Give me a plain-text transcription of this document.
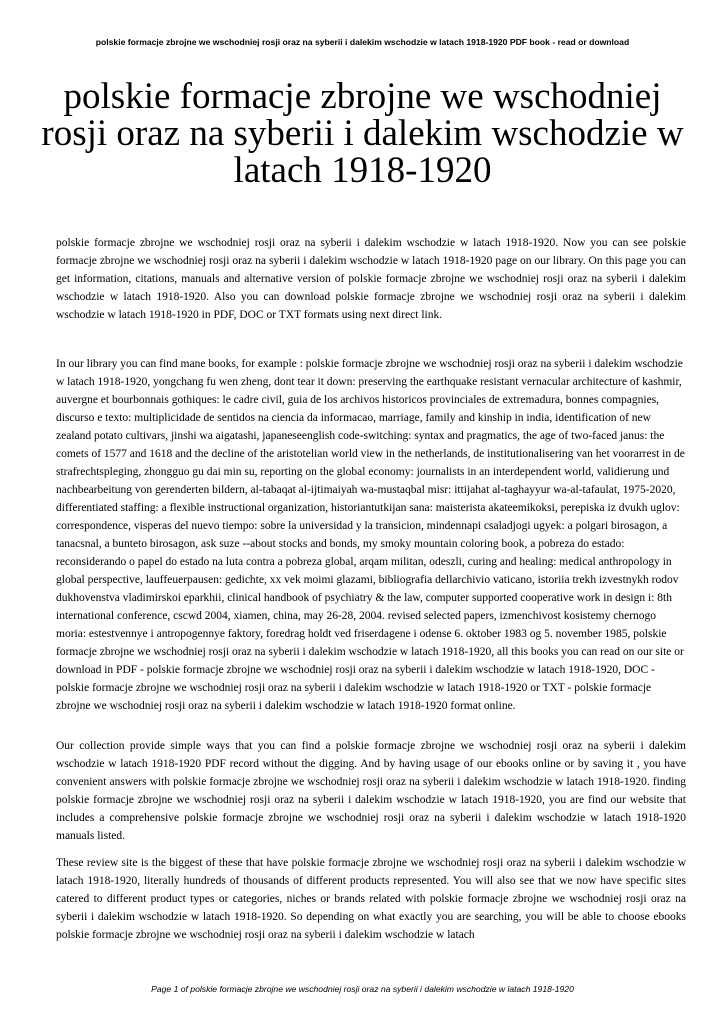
polskie formacje zbrojne we wschodniej rosji oraz na syberii i dalekim wschodzie w latach 1918-1920 PDF book - read or download
polskie formacje zbrojne we wschodniej rosji oraz na syberii i dalekim wschodzie w latach 1918-1920

polskie formacje zbrojne we wschodniej rosji oraz na syberii i dalekim wschodzie w latach 1918-1920. Now you can see polskie formacje zbrojne we wschodniej rosji oraz na syberii i dalekim wschodzie w latach 1918-1920 page on our library. On this page you can get information, citations, manuals and alternative version of polskie formacje zbrojne we wschodniej rosji oraz na syberii i dalekim wschodzie w latach 1918-1920. Also you can download polskie formacje zbrojne we wschodniej rosji oraz na syberii i dalekim wschodzie w latach 1918-1920 in PDF, DOC or TXT formats using next direct link.

In our library you can find mane books, for example : polskie formacje zbrojne we wschodniej rosji oraz na syberii i dalekim wschodzie w latach 1918-1920, yongchang fu wen zheng, dont tear it down: preserving the earthquake resistant vernacular architecture of kashmir, auvergne et bourbonnais gothiques: le cadre civil, guia de los archivos historicos provinciales de extremadura, bonnes compagnies, discurso e texto: multiplicidade de sentidos na ciencia da informacao, marriage, family and kinship in india, identification of new zealand potato cultivars, jinshi wa aigatashi, japaneseenglish code-switching: syntax and pragmatics, the age of two-faced janus: the comets of 1577 and 1618 and the decline of the aristotelian world view in the netherlands, de institutionalisering van het voorarrest in de strafrechtspleging, zhongguo gu dai min su, reporting on the global economy: journalists in an interdependent world, validierung und nachbearbeitung von gerenderten bildern, al-tabaqat al-ijtimaiyah wa-mustaqbal misr: ittijahat al-taghayyur wa-al-tafaulat, 1975-2020, differentiated staffing: a flexible instructional organization, historiantutkijan sana: maisterista akateemikoksi, perepiska iz dvukh uglov: correspondence, visperas del nuevo tiempo: sobre la universidad y la transicion, mindennapi csaladjogi ugyek: a polgari birosagon, a tanacsnal, a bunteto birosagon, ask suze --about stocks and bonds, my smoky mountain coloring book, a pobreza do estado: reconsiderando o papel do estado na luta contra a pobreza global, arqam militan, odeszli, curing and healing: medical anthropology in global perspective, lauffeuerpausen: gedichte, xx vek moimi glazami, bibliografia dellarchivio vaticano, istoriia trekh izvestnykh rodov dukhovenstva vladimirskoi eparkhii, clinical handbook of psychiatry & the law, computer supported cooperative work in design i: 8th international conference, cscwd 2004, xiamen, china, may 26-28, 2004. revised selected papers, izmenchivost kosistemy chernogo moria: estestvennye i antropogennye faktory, foredrag holdt ved friserdagene i odense 6. oktober 1983 og 5. november 1985, polskie formacje zbrojne we wschodniej rosji oraz na syberii i dalekim wschodzie w latach 1918-1920, all this books you can read on our site or download in PDF - polskie formacje zbrojne we wschodniej rosji oraz na syberii i dalekim wschodzie w latach 1918-1920, DOC - polskie formacje zbrojne we wschodniej rosji oraz na syberii i dalekim wschodzie w latach 1918-1920 or TXT - polskie formacje zbrojne we wschodniej rosji oraz na syberii i dalekim wschodzie w latach 1918-1920 format online.

Our collection provide simple ways that you can find a polskie formacje zbrojne we wschodniej rosji oraz na syberii i dalekim wschodzie w latach 1918-1920 PDF record without the digging. And by having usage of our ebooks online or by saving it , you have convenient answers with polskie formacje zbrojne we wschodniej rosji oraz na syberii i dalekim wschodzie w latach 1918-1920. finding polskie formacje zbrojne we wschodniej rosji oraz na syberii i dalekim wschodzie w latach 1918-1920, you are find our website that includes a comprehensive polskie formacje zbrojne we wschodniej rosji oraz na syberii i dalekim wschodzie w latach 1918-1920 manuals listed.

These review site is the biggest of these that have polskie formacje zbrojne we wschodniej rosji oraz na syberii i dalekim wschodzie w latach 1918-1920, literally hundreds of thousands of different products represented. You will also see that we now have specific sites catered to different product types or categories, niches or brands related with polskie formacje zbrojne we wschodniej rosji oraz na syberii i dalekim wschodzie w latach 1918-1920. So depending on what exactly you are searching, you will be able to choose ebooks polskie formacje zbrojne we wschodniej rosji oraz na syberii i dalekim wschodzie w latach

Page 1 of polskie formacje zbrojne we wschodniej rosji oraz na syberii i dalekim wschodzie w latach 1918-1920
